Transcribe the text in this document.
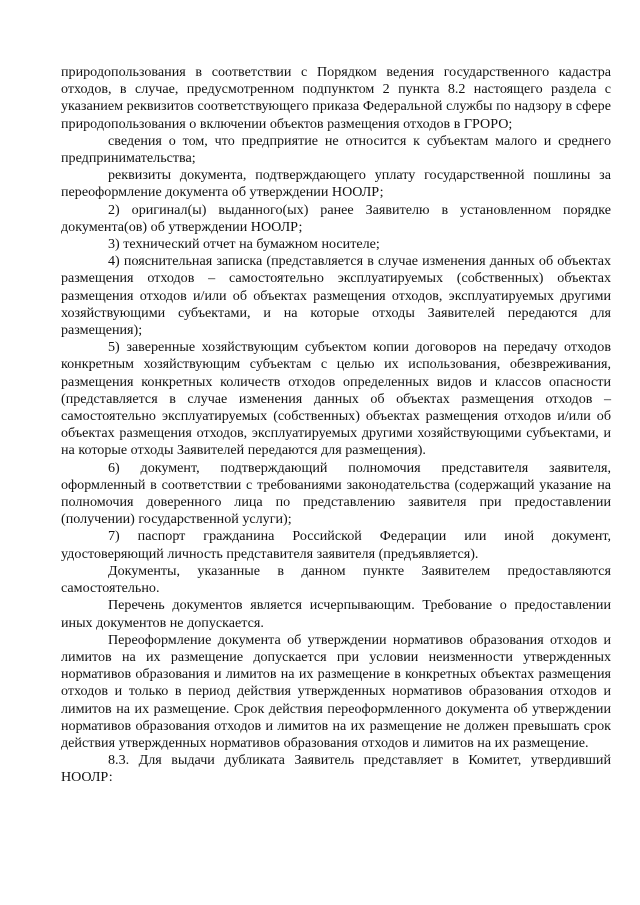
природопользования в соответствии с Порядком ведения государственного кадастра отходов, в случае, предусмотренном подпунктом 2 пункта 8.2 настоящего раздела с указанием реквизитов соответствующего приказа Федеральной службы по надзору в сфере природопользования о включении объектов размещения отходов в ГРОРО;

сведения о том, что предприятие не относится к субъектам малого и среднего предпринимательства;

реквизиты документа, подтверждающего уплату государственной пошлины за переоформление документа об утверждении НООЛР;

2) оригинал(ы) выданного(ых) ранее Заявителю в установленном порядке документа(ов) об утверждении НООЛР;

3) технический отчет на бумажном носителе;

4) пояснительная записка (представляется в случае изменения данных об объектах размещения отходов – самостоятельно эксплуатируемых (собственных) объектах размещения отходов и/или об объектах размещения отходов, эксплуатируемых другими хозяйствующими субъектами, и на которые отходы Заявителей передаются для размещения);

5) заверенные хозяйствующим субъектом копии договоров на передачу отходов конкретным хозяйствующим субъектам с целью их использования, обезвреживания, размещения конкретных количеств отходов определенных видов и классов опасности (представляется в случае изменения данных об объектах размещения отходов – самостоятельно эксплуатируемых (собственных) объектах размещения отходов и/или об объектах размещения отходов, эксплуатируемых другими хозяйствующими субъектами, и на которые отходы Заявителей передаются для размещения).

6) документ, подтверждающий полномочия представителя заявителя, оформленный в соответствии с требованиями законодательства (содержащий указание на полномочия доверенного лица по представлению заявителя при предоставлении (получении) государственной услуги);

7) паспорт гражданина Российской Федерации или иной документ, удостоверяющий личность представителя заявителя (предъявляется).

Документы, указанные в данном пункте Заявителем предоставляются самостоятельно.

Перечень документов является исчерпывающим. Требование о предоставлении иных документов не допускается.

Переоформление документа об утверждении нормативов образования отходов и лимитов на их размещение допускается при условии неизменности утвержденных нормативов образования и лимитов на их размещение в конкретных объектах размещения отходов и только в период действия утвержденных нормативов образования отходов и лимитов на их размещение. Срок действия переоформленного документа об утверждении нормативов образования отходов и лимитов на их размещение не должен превышать срок действия утвержденных нормативов образования отходов и лимитов на их размещение.

8.3. Для выдачи дубликата Заявитель представляет в Комитет, утвердивший НООЛР:
